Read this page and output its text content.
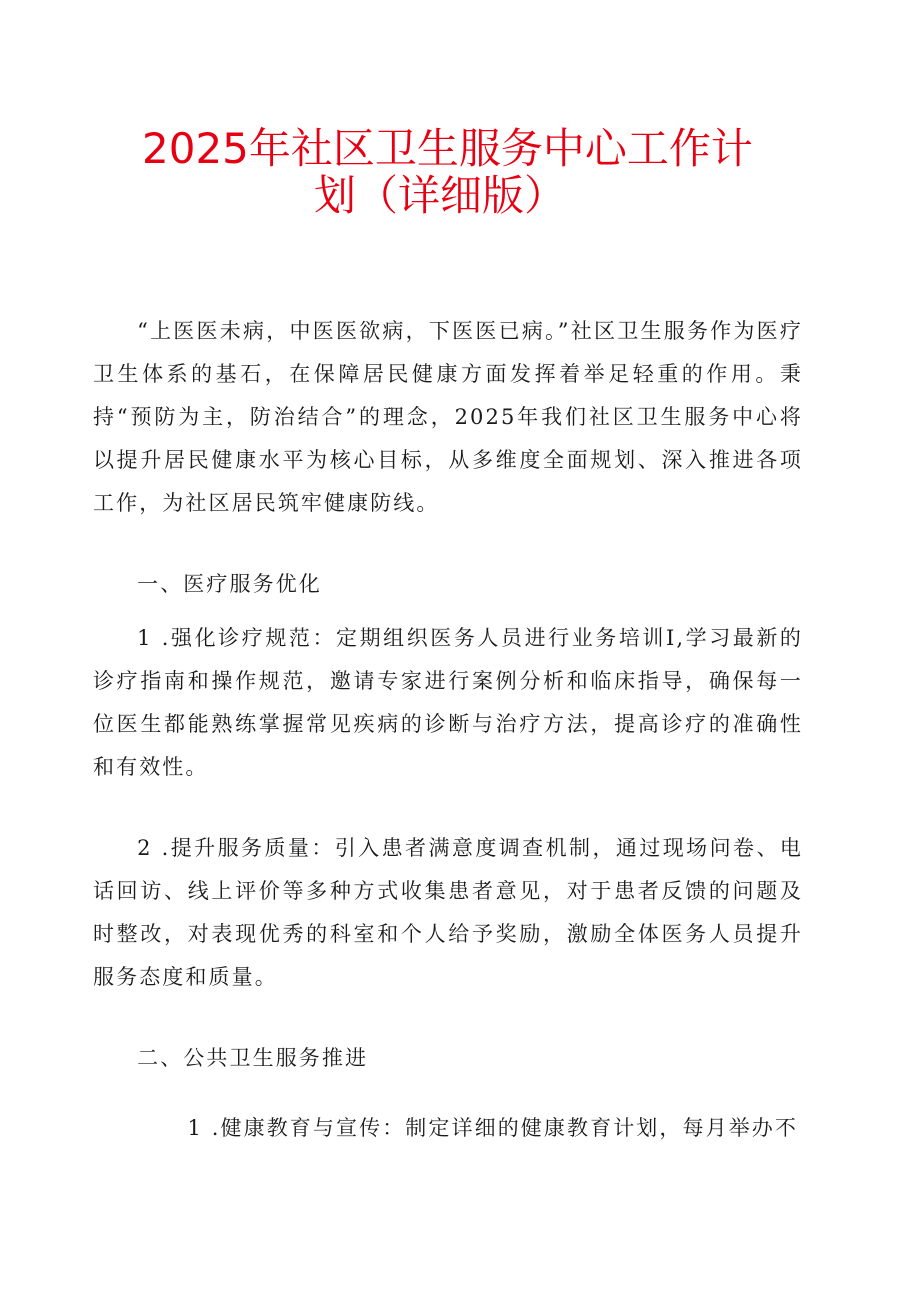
2025年社区卫生服务中心工作计
划（详细版）
“上医医未病，中医医欲病，下医医已病。”社区卫生服务作为医疗卫生体系的基石，在保障居民健康方面发挥着举足轻重的作用。秉持“预防为主，防治结合”的理念，2025年我们社区卫生服务中心将以提升居民健康水平为核心目标，从多维度全面规划、深入推进各项工作，为社区居民筑牢健康防线。
一、医疗服务优化
1 .强化诊疗规范：定期组织医务人员进行业务培训I,学习最新的诊疗指南和操作规范，邀请专家进行案例分析和临床指导，确保每一位医生都能熟练掌握常见疾病的诊断与治疗方法，提高诊疗的准确性和有效性。
2 .提升服务质量：引入患者满意度调查机制，通过现场问卷、电话回访、线上评价等多种方式收集患者意见，对于患者反馈的问题及时整改，对表现优秀的科室和个人给予奖励，激励全体医务人员提升服务态度和质量。
二、公共卫生服务推进
1 .健康教育与宣传：制定详细的健康教育计划，每月举办不
